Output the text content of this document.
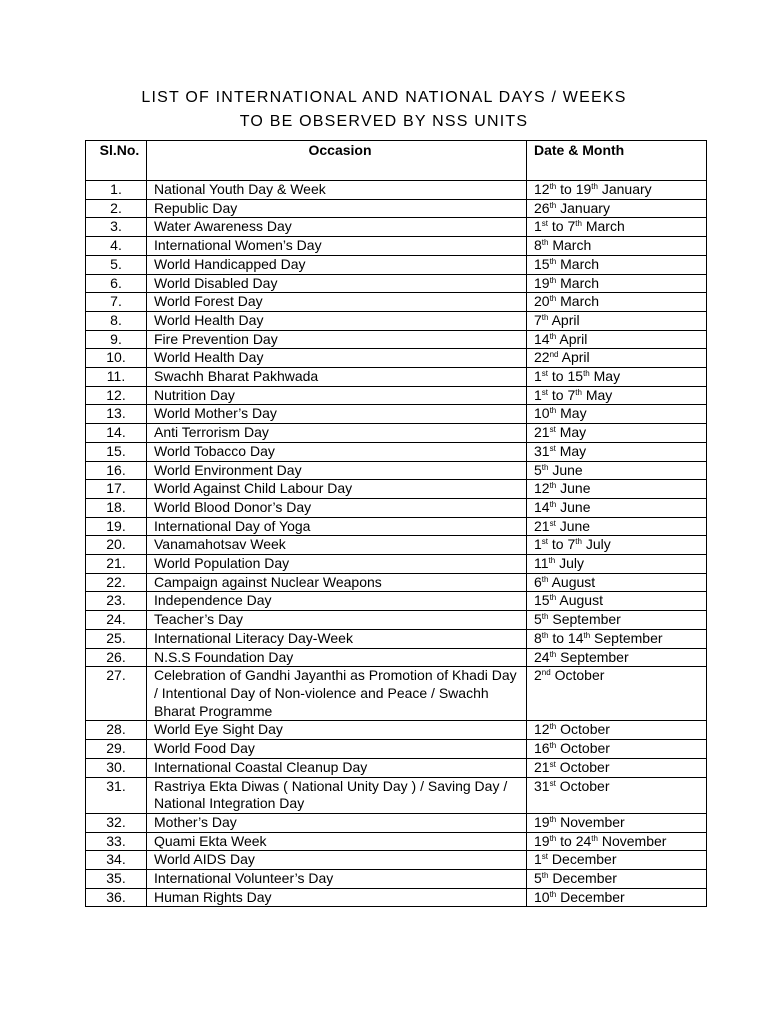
LIST OF INTERNATIONAL AND NATIONAL DAYS / WEEKS
TO BE OBSERVED BY NSS UNITS
Sl.No.	Occasion	Date & Month
1.	National Youth Day & Week	12th to 19th January
2.	Republic Day	26th January
3.	Water Awareness Day	1st to 7th March
4.	International Women’s Day	8th March
5.	World Handicapped Day	15th March
6.	World Disabled Day	19th March
7.	World Forest Day	20th March
8.	World Health Day	7th April
9.	Fire Prevention Day	14th April
10.	World Health Day	22nd April
11.	Swachh Bharat Pakhwada	1st to 15th May
12.	Nutrition Day	1st to 7th May
13.	World Mother’s Day	10th May
14.	Anti Terrorism Day	21st May
15.	World Tobacco Day	31st May
16.	World Environment Day	5th June
17.	World Against Child Labour Day	12th June
18.	World Blood Donor’s Day	14th June
19.	International Day of Yoga	21st June
20.	Vanamahotsav Week	1st to 7th July
21.	World Population Day	11th July
22.	Campaign against Nuclear Weapons	6th August
23.	Independence Day	15th August
24.	Teacher’s Day	5th September
25.	International Literacy Day-Week	8th to 14th September
26.	N.S.S Foundation Day	24th September
27.	Celebration of Gandhi Jayanthi as Promotion of Khadi Day / Intentional Day of Non-violence and Peace / Swachh Bharat Programme	2nd October
28.	World Eye Sight Day	12th October
29.	World Food Day	16th October
30.	International Coastal Cleanup Day	21st October
31.	Rastriya Ekta Diwas ( National Unity Day ) / Saving Day / National Integration Day	31st October
32.	Mother’s Day	19th November
33.	Quami Ekta Week	19th to 24th November
34.	World AIDS Day	1st December
35.	International Volunteer’s Day	5th December
36.	Human Rights Day	10th December
